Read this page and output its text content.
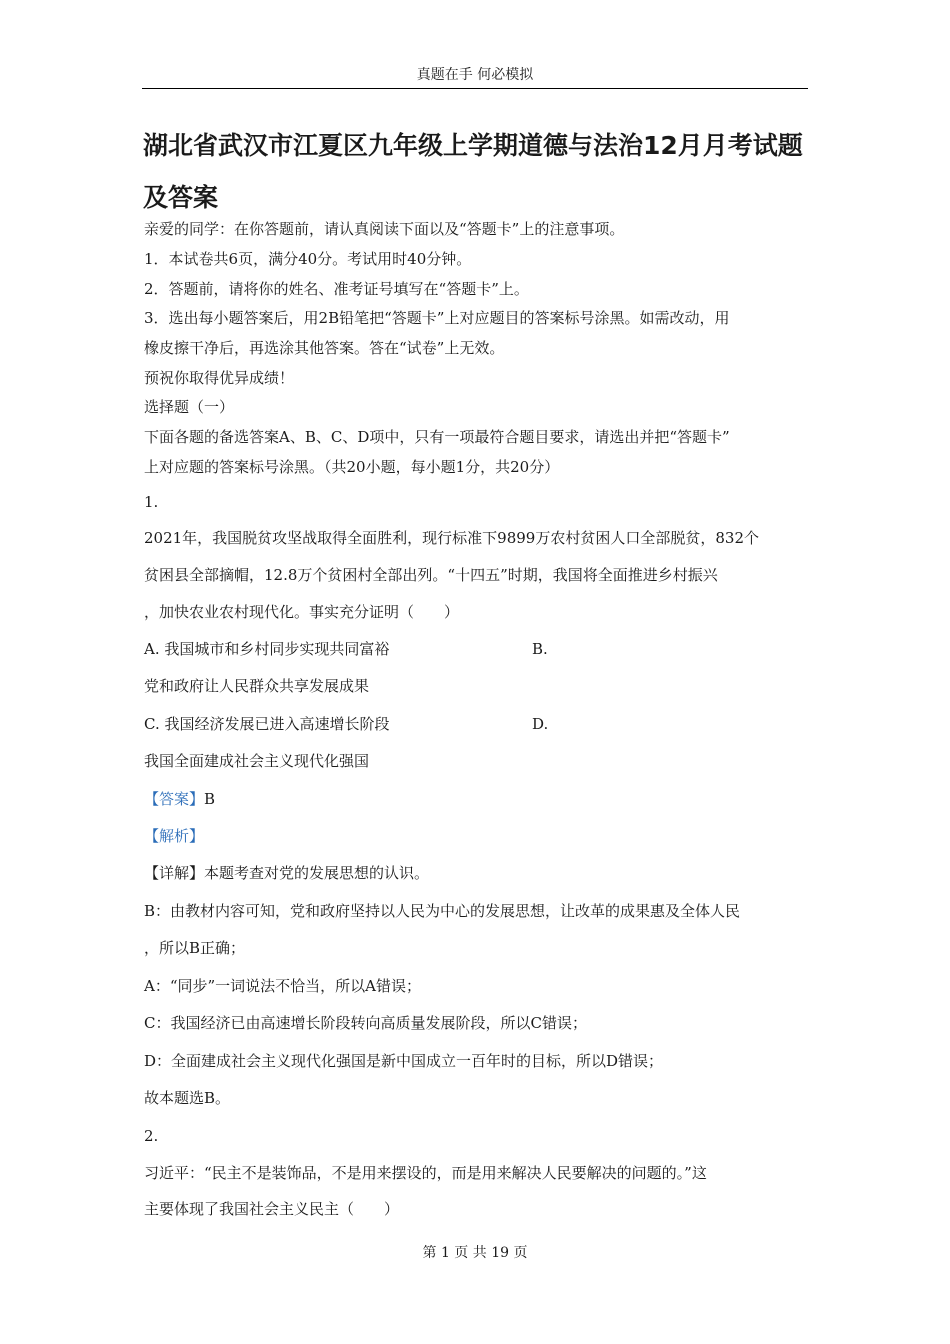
真题在手 何必模拟
湖北省武汉市江夏区九年级上学期道德与法治12月月考试题及答案
亲爱的同学：在你答题前，请认真阅读下面以及“答题卡”上的注意事项。
1．本试卷共6页，满分40分。考试用时40分钟。
2．答题前，请将你的姓名、准考证号填写在“答题卡”上。
3．选出每小题答案后，用2B铅笔把“答题卡”上对应题目的答案标号涂黑。如需改动，用
橡皮擦干净后，再选涂其他答案。答在“试卷”上无效。
预祝你取得优异成绩！
选择题（一）
下面各题的备选答案A、B、C、D项中，只有一项最符合题目要求，请选出并把“答题卡”
上对应题的答案标号涂黑。（共20小题，每小题1分，共20分）
1.
2021年，我国脱贫攻坚战取得全面胜利，现行标准下9899万农村贫困人口全部脱贫，832个
贫困县全部摘帽，12.8万个贫困村全部出列。“十四五”时期，我国将全面推进乡村振兴
，加快农业农村现代化。事实充分证明（　　）
A. 我国城市和乡村同步实现共同富裕	B.
党和政府让人民群众共享发展成果
C. 我国经济发展已进入高速增长阶段	D.
我国全面建成社会主义现代化强国
【答案】B
【解析】
【详解】本题考查对党的发展思想的认识。
B：由教材内容可知，党和政府坚持以人民为中心的发展思想，让改革的成果惠及全体人民
，所以B正确；
A：“同步”一词说法不恰当，所以A错误；
C：我国经济已由高速增长阶段转向高质量发展阶段，所以C错误；
D：全面建成社会主义现代化强国是新中国成立一百年时的目标，所以D错误；
故本题选B。
2.
习近平：“民主不是装饰品，不是用来摆设的，而是用来解决人民要解决的问题的。”这
主要体现了我国社会主义民主（　　）
第 1 页 共 19 页
